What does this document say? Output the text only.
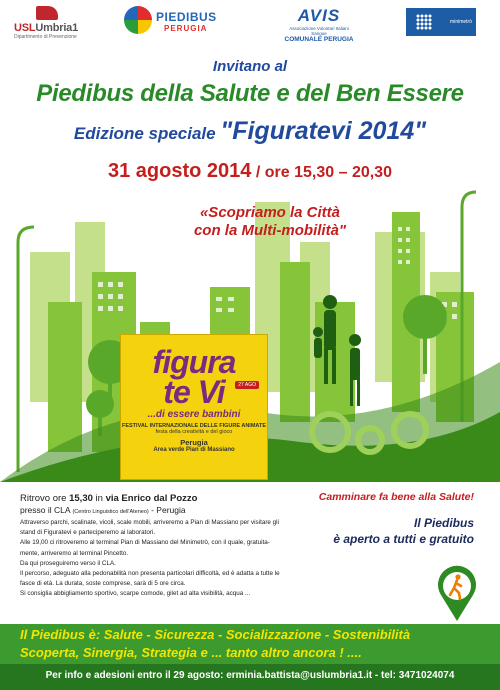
USLUmbria1
Dipartimento di Prevenzione
PIEDIBUS
PERUGIA
AVIS
Associazione Volontari Italiani Sangue
COMUNALE PERUGIA
minimetrò
Invitano al
Piedibus della Salute e del Ben Essere
Edizione speciale "Figuratevi 2014"
31 agosto 2014 / ore 15,30 – 20,30
«Scopriamo la Città
con la Multi-mobilità"
figura
te Vi	27 AGO
...di essere bambini
FESTIVAL INTERNAZIONALE DELLE FIGURE ANIMATE
festa della creatività e del gioco
Perugia
Area verde Pian di Massiano
Ritrovo ore 15,30 in via Enrico dal Pozzo
presso il CLA (Centro Linguistico dell'Ateneo) - Perugia
Attraverso parchi, scalinate, vicoli, scale mobili, arriveremo a Pian di Massiano per visitare gli stand di Figuratevi e parteciperemo ai laboratori.
Alle 19,00 ci ritroveremo al terminal Pian di Massiano del Minimetrò, con il quale, gratuita-mente, arriveremo al terminal Pincetto.
Da qui proseguiremo verso il CLA.
Il percorso, adeguato alla pedonabilità non presenta particolari difficoltà, ed è adatta a tutte le fasce di età. La durata, soste comprese, sarà di 5 ore circa.
Si consiglia abbigliamento sportivo, scarpe comode, gilet ad alta visibilità, acqua ...
Camminare fa bene alla Salute!
Il Piedibus
è aperto a tutti e gratuito
Il Piedibus è: Salute - Sicurezza - Socializzazione - Sostenibilità
Scoperta, Sinergia, Strategia e ... tanto altro ancora ! ....
Per info e adesioni entro il 29 agosto: erminia.battista@uslumbria1.it - tel: 3471024074
